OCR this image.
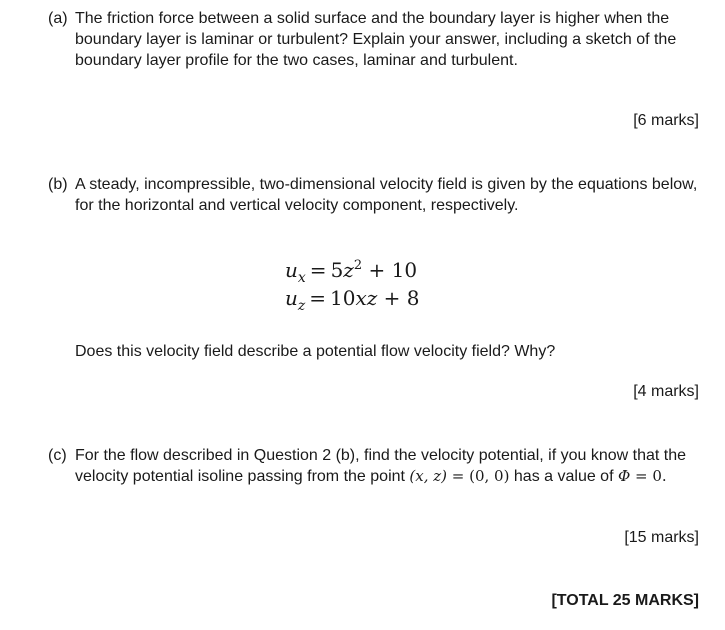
(a) The friction force between a solid surface and the boundary layer is higher when the boundary layer is laminar or turbulent? Explain your answer, including a sketch of the boundary layer profile for the two cases, laminar and turbulent.
[6 marks]
(b) A steady, incompressible, two-dimensional velocity field is given by the equations below, for the horizontal and vertical velocity component, respectively.
$u_x = 5z^2 + 10$
$u_z = 10xz + 8$
Does this velocity field describe a potential flow velocity field? Why?
[4 marks]
(c) For the flow described in Question 2 (b), find the velocity potential, if you know that the velocity potential isoline passing from the point (x, z) = (0, 0) has a value of Φ = 0.
[15 marks]
[TOTAL 25 MARKS]
